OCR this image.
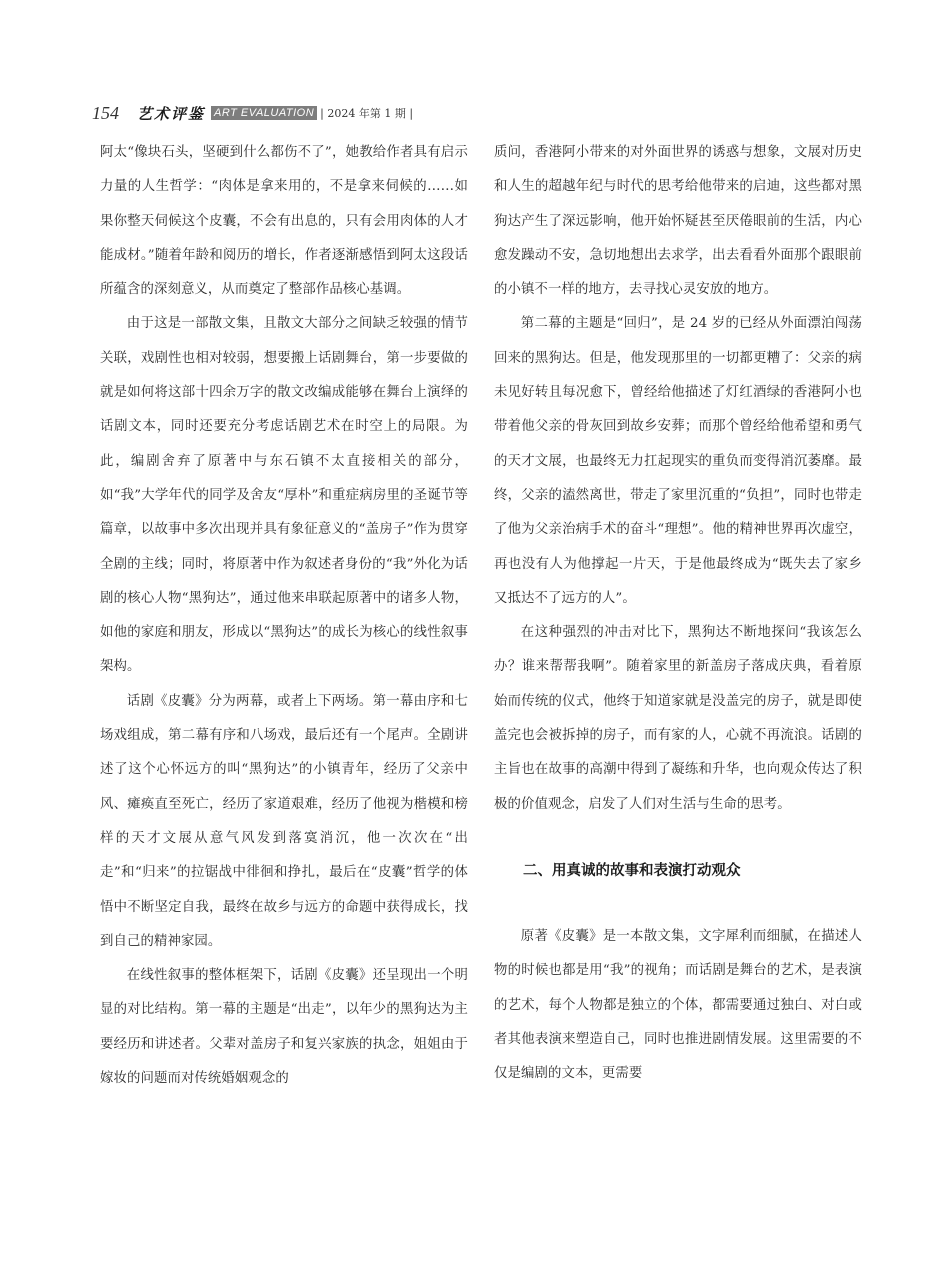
154 艺术评鉴 ART EVALUATION | 2024 年第 1 期 |

阿太“像块石头，坚硬到什么都伤不了”，她教给作者具有启示力量的人生哲学：“肉体是拿来用的，不是拿来伺候的……如果你整天伺候这个皮囊，不会有出息的，只有会用肉体的人才能成材。”随着年龄和阅历的增长，作者逐渐感悟到阿太这段话所蕴含的深刻意义，从而奠定了整部作品核心基调。

由于这是一部散文集，且散文大部分之间缺乏较强的情节关联，戏剧性也相对较弱，想要搬上话剧舞台，第一步要做的就是如何将这部十四余万字的散文改编成能够在舞台上演绎的话剧文本，同时还要充分考虑话剧艺术在时空上的局限。为此，编剧舍弃了原著中与东石镇不太直接相关的部分，如“我”大学年代的同学及舍友“厚朴”和重症病房里的圣诞节等篇章，以故事中多次出现并具有象征意义的“盖房子”作为贯穿全剧的主线；同时，将原著中作为叙述者身份的“我”外化为话剧的核心人物“黑狗达”，通过他来串联起原著中的诸多人物，如他的家庭和朋友，形成以“黑狗达”的成长为核心的线性叙事架构。

话剧《皮囊》分为两幕，或者上下两场。第一幕由序和七场戏组成，第二幕有序和八场戏，最后还有一个尾声。全剧讲述了这个心怀远方的叫“黑狗达”的小镇青年，经历了父亲中风、瘫痪直至死亡，经历了家道艰难，经历了他视为楷模和榜样的天才文展从意气风发到落寞消沉，他一次次在“出走”和“归来”的拉锯战中徘徊和挣扎，最后在“皮囊”哲学的体悟中不断坚定自我，最终在故乡与远方的命题中获得成长，找到自己的精神家园。

在线性叙事的整体框架下，话剧《皮囊》还呈现出一个明显的对比结构。第一幕的主题是“出走”，以年少的黑狗达为主要经历和讲述者。父辈对盖房子和复兴家族的执念，姐姐由于嫁妆的问题而对传统婚姻观念的

质问，香港阿小带来的对外面世界的诱惑与想象，文展对历史和人生的超越年纪与时代的思考给他带来的启迪，这些都对黑狗达产生了深远影响，他开始怀疑甚至厌倦眼前的生活，内心愈发躁动不安，急切地想出去求学，出去看看外面那个跟眼前的小镇不一样的地方，去寻找心灵安放的地方。

第二幕的主题是“回归”，是 24 岁的已经从外面漂泊闯荡回来的黑狗达。但是，他发现那里的一切都更糟了：父亲的病未见好转且每况愈下，曾经给他描述了灯红酒绿的香港阿小也带着他父亲的骨灰回到故乡安葬；而那个曾经给他希望和勇气的天才文展，也最终无力扛起现实的重负而变得消沉萎靡。最终，父亲的溘然离世，带走了家里沉重的“负担”，同时也带走了他为父亲治病手术的奋斗“理想”。他的精神世界再次虚空，再也没有人为他撑起一片天，于是他最终成为“既失去了家乡又抵达不了远方的人”。

在这种强烈的冲击对比下，黑狗达不断地探问“我该怎么办？谁来帮帮我啊”。随着家里的新盖房子落成庆典，看着原始而传统的仪式，他终于知道家就是没盖完的房子，就是即使盖完也会被拆掉的房子，而有家的人，心就不再流浪。话剧的主旨也在故事的高潮中得到了凝练和升华，也向观众传达了积极的价值观念，启发了人们对生活与生命的思考。

二、用真诚的故事和表演打动观众

原著《皮囊》是一本散文集，文字犀利而细腻，在描述人物的时候也都是用“我”的视角；而话剧是舞台的艺术，是表演的艺术，每个人物都是独立的个体，都需要通过独白、对白或者其他表演来塑造自己，同时也推进剧情发展。这里需要的不仅是编剧的文本，更需要
